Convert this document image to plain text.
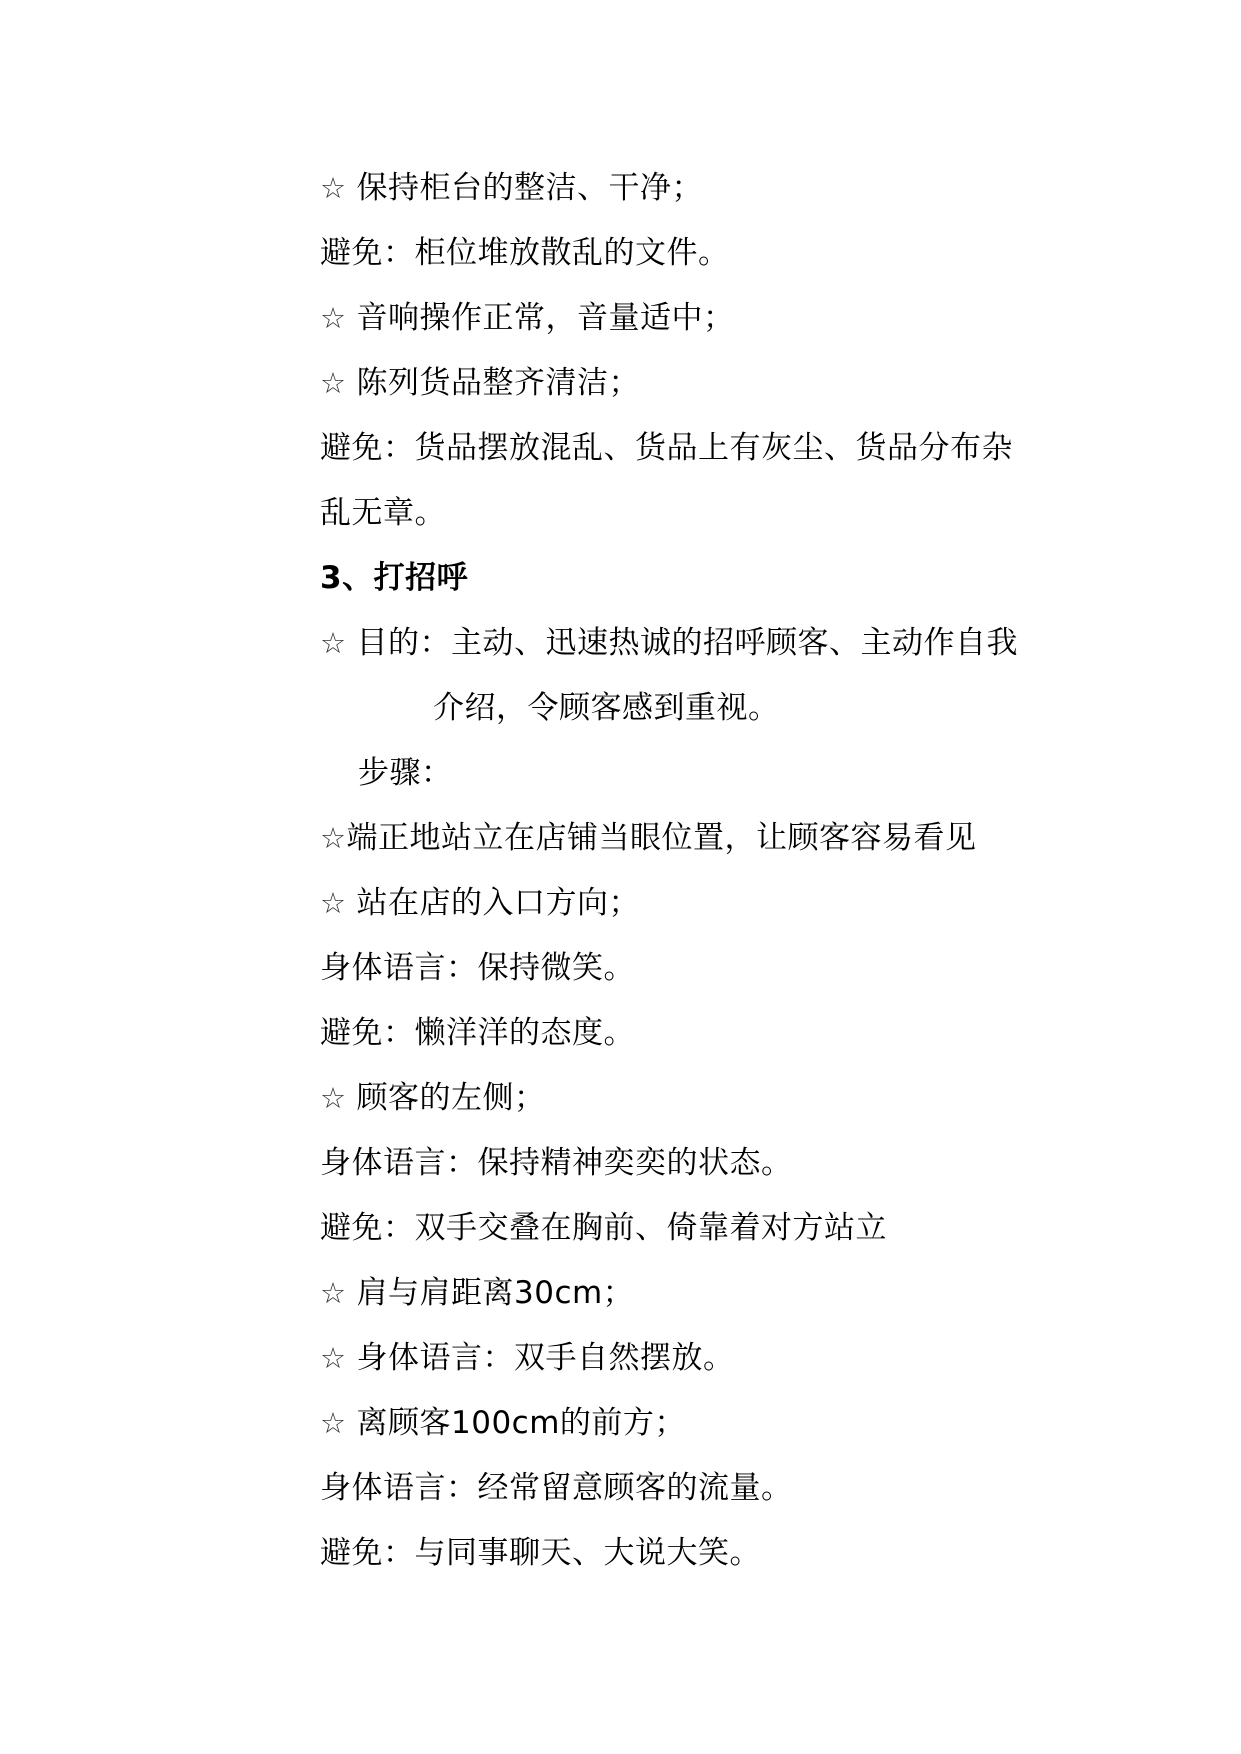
☆ 保持柜台的整洁、干净；
避免：柜位堆放散乱的文件。
☆ 音响操作正常，音量适中；
☆ 陈列货品整齐清洁；
避免：货品摆放混乱、货品上有灰尘、货品分布杂
乱无章。
3、打招呼
☆ 目的：主动、迅速热诚的招呼顾客、主动作自我
介绍，令顾客感到重视。
步骤：
☆端正地站立在店铺当眼位置，让顾客容易看见
☆ 站在店的入口方向；
身体语言：保持微笑。
避免：懒洋洋的态度。
☆ 顾客的左侧；
身体语言：保持精神奕奕的状态。
避免：双手交叠在胸前、倚靠着对方站立
☆ 肩与肩距离30cm；
☆ 身体语言：双手自然摆放。
☆ 离顾客100cm的前方；
身体语言：经常留意顾客的流量。
避免：与同事聊天、大说大笑。
